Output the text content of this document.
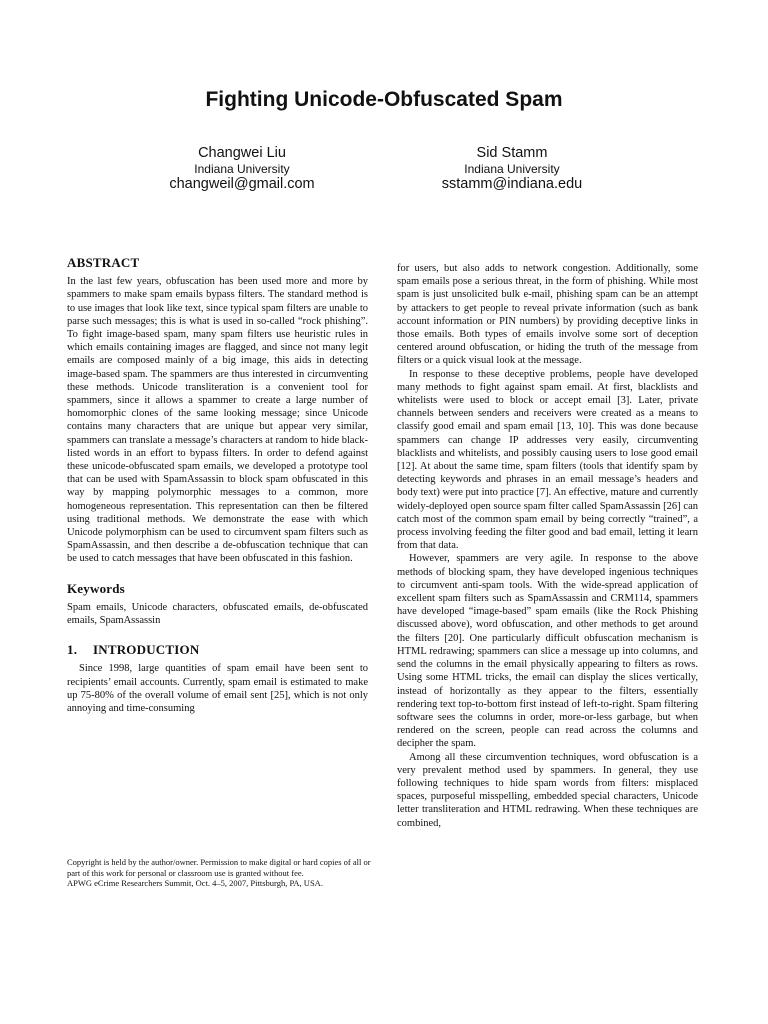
Fighting Unicode-Obfuscated Spam
Changwei Liu
Indiana University
changweil@gmail.com
Sid Stamm
Indiana University
sstamm@indiana.edu
ABSTRACT

In the last few years, obfuscation has been used more and more by spammers to make spam emails bypass filters. The standard method is to use images that look like text, since typical spam filters are unable to parse such messages; this is what is used in so-called “rock phishing”. To fight image-based spam, many spam filters use heuristic rules in which emails containing images are flagged, and since not many legit emails are composed mainly of a big image, this aids in detecting image-based spam. The spammers are thus interested in circumventing these methods. Unicode transliteration is a convenient tool for spammers, since it allows a spammer to create a large number of homomorphic clones of the same looking message; since Unicode contains many characters that are unique but appear very similar, spammers can translate a message’s characters at random to hide black-listed words in an effort to bypass filters. In order to defend against these unicode-obfuscated spam emails, we developed a prototype tool that can be used with SpamAssassin to block spam obfuscated in this way by mapping polymorphic messages to a common, more homogeneous representation. This representation can then be filtered using traditional methods. We demonstrate the ease with which Unicode polymorphism can be used to circumvent spam filters such as SpamAssassin, and then describe a de-obfuscation technique that can be used to catch messages that have been obfuscated in this fashion.

Keywords

Spam emails, Unicode characters, obfuscated emails, de-obfuscated emails, SpamAssassin

1. INTRODUCTION

Since 1998, large quantities of spam email have been sent to recipients’ email accounts. Currently, spam email is estimated to make up 75-80% of the overall volume of email sent [25], which is not only annoying and time-consuming

Copyright is held by the author/owner. Permission to make digital or hard copies of all or part of this work for personal or classroom use is granted without fee.

APWG eCrime Researchers Summit, Oct. 4–5, 2007, Pittsburgh, PA, USA.

for users, but also adds to network congestion. Additionally, some spam emails pose a serious threat, in the form of phishing. While most spam is just unsolicited bulk e-mail, phishing spam can be an attempt by attackers to get people to reveal private information (such as bank account information or PIN numbers) by providing deceptive links in those emails. Both types of emails involve some sort of deception centered around obfuscation, or hiding the truth of the message from filters or a quick visual look at the message.

In response to these deceptive problems, people have developed many methods to fight against spam email. At first, blacklists and whitelists were used to block or accept email [3]. Later, private channels between senders and receivers were created as a means to classify good email and spam email [13, 10]. This was done because spammers can change IP addresses very easily, circumventing blacklists and whitelists, and possibly causing users to lose good email [12]. At about the same time, spam filters (tools that identify spam by detecting keywords and phrases in an email message’s headers and body text) were put into practice [7]. An effective, mature and currently widely-deployed open source spam filter called SpamAssassin [26] can catch most of the common spam email by being correctly “trained”, a process involving feeding the filter good and bad email, letting it learn from that data.

However, spammers are very agile. In response to the above methods of blocking spam, they have developed ingenious techniques to circumvent anti-spam tools. With the wide-spread application of excellent spam filters such as SpamAssassin and CRM114, spammers have developed “image-based” spam emails (like the Rock Phishing discussed above), word obfuscation, and other methods to get around the filters [20]. One particularly difficult obfuscation mechanism is HTML redrawing; spammers can slice a message up into columns, and send the columns in the email physically appearing to filters as rows. Using some HTML tricks, the email can display the slices vertically, instead of horizontally as they appear to the filters, essentially rendering text top-to-bottom first instead of left-to-right. Spam filtering software sees the columns in order, more-or-less garbage, but when rendered on the screen, people can read across the columns and decipher the spam.

Among all these circumvention techniques, word obfuscation is a very prevalent method used by spammers. In general, they use following techniques to hide spam words from filters: misplaced spaces, purposeful misspelling, embedded special characters, Unicode letter transliteration and HTML redrawing. When these techniques are combined,
